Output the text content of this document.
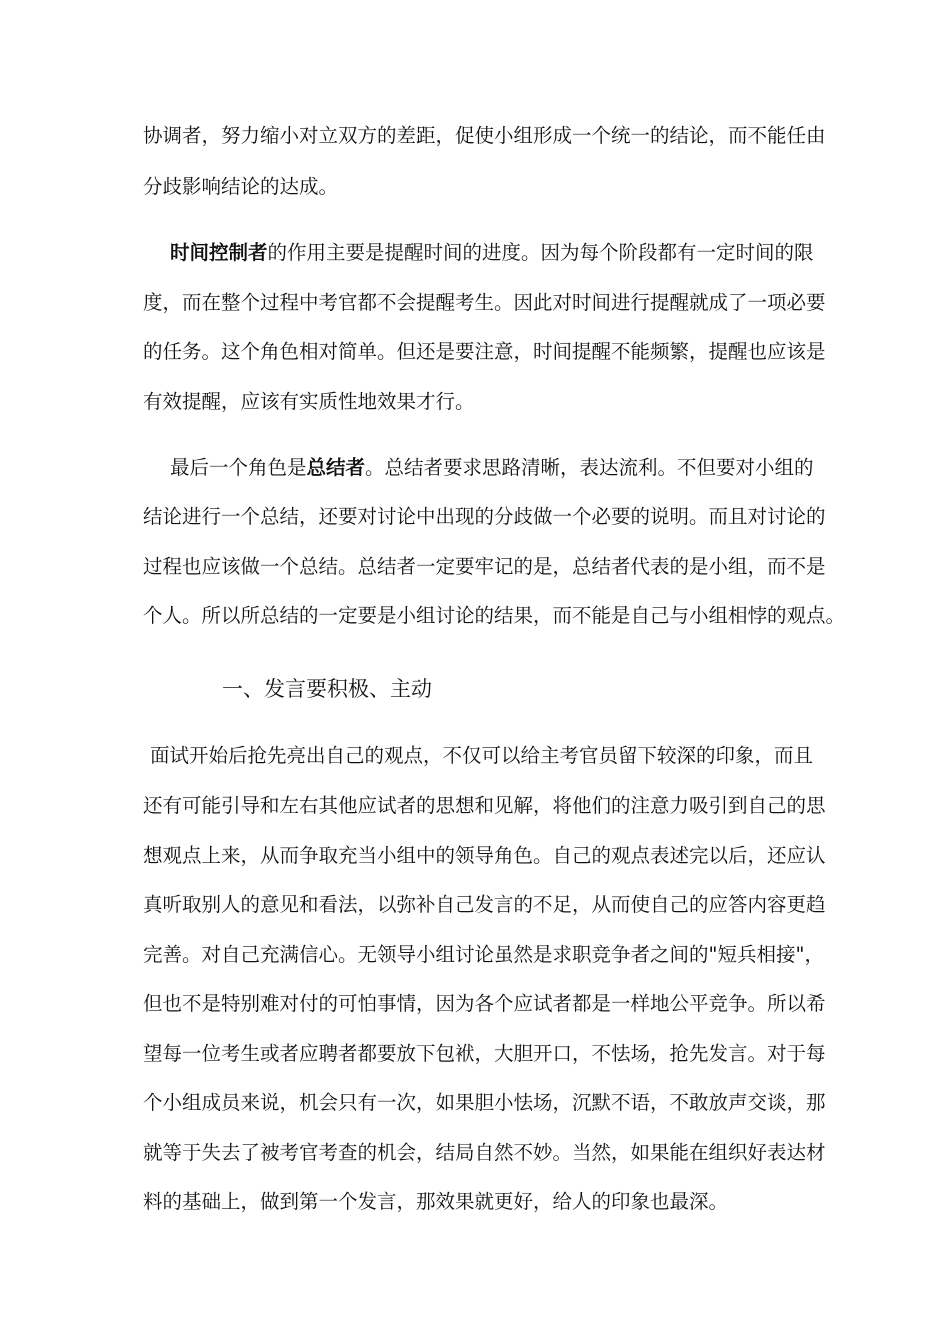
协调者，努力缩小对立双方的差距，促使小组形成一个统一的结论，而不能任由
分歧影响结论的达成。
时间控制者的作用主要是提醒时间的进度。因为每个阶段都有一定时间的限
度，而在整个过程中考官都不会提醒考生。因此对时间进行提醒就成了一项必要
的任务。这个角色相对简单。但还是要注意，时间提醒不能频繁，提醒也应该是
有效提醒，应该有实质性地效果才行。
最后一个角色是总结者。总结者要求思路清晰，表达流利。不但要对小组的
结论进行一个总结，还要对讨论中出现的分歧做一个必要的说明。而且对讨论的
过程也应该做一个总结。总结者一定要牢记的是，总结者代表的是小组，而不是
个人。所以所总结的一定要是小组讨论的结果，而不能是自己与小组相悖的观点。
一、发言要积极、主动
面试开始后抢先亮出自己的观点，不仅可以给主考官员留下较深的印象，而且
还有可能引导和左右其他应试者的思想和见解，将他们的注意力吸引到自己的思
想观点上来，从而争取充当小组中的领导角色。自己的观点表述完以后，还应认
真听取别人的意见和看法，以弥补自己发言的不足，从而使自己的应答内容更趋
完善。对自己充满信心。无领导小组讨论虽然是求职竞争者之间的"短兵相接"，
但也不是特别难对付的可怕事情，因为各个应试者都是一样地公平竞争。所以希
望每一位考生或者应聘者都要放下包袱，大胆开口，不怯场，抢先发言。对于每
个小组成员来说，机会只有一次，如果胆小怯场，沉默不语，不敢放声交谈，那
就等于失去了被考官考查的机会，结局自然不妙。当然，如果能在组织好表达材
料的基础上，做到第一个发言，那效果就更好，给人的印象也最深。
